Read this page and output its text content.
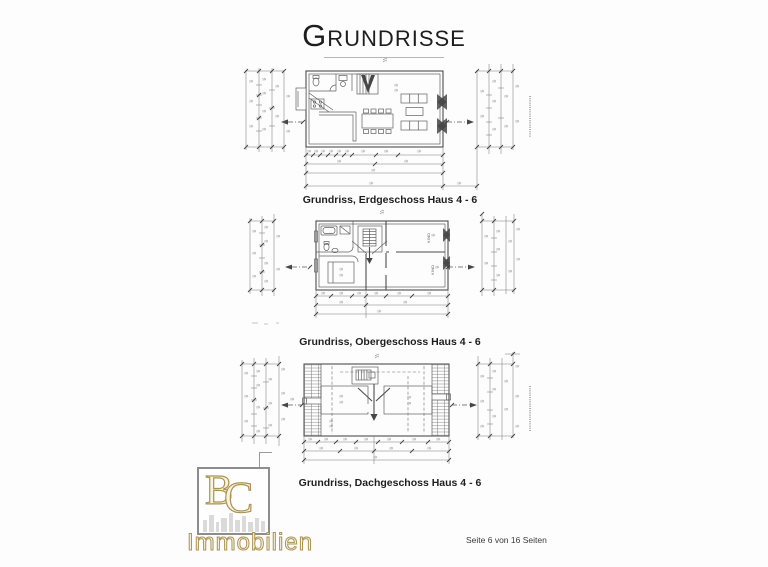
Grundrisse
Grundriss, Erdgeschoss Haus 4 - 6
KIND
KIND
Grundriss, Obergeschoss Haus 4 - 6
Grundriss, Dachgeschoss Haus 4 - 6
B
C
Immobilien	Seite 6 von 16 Seiten
